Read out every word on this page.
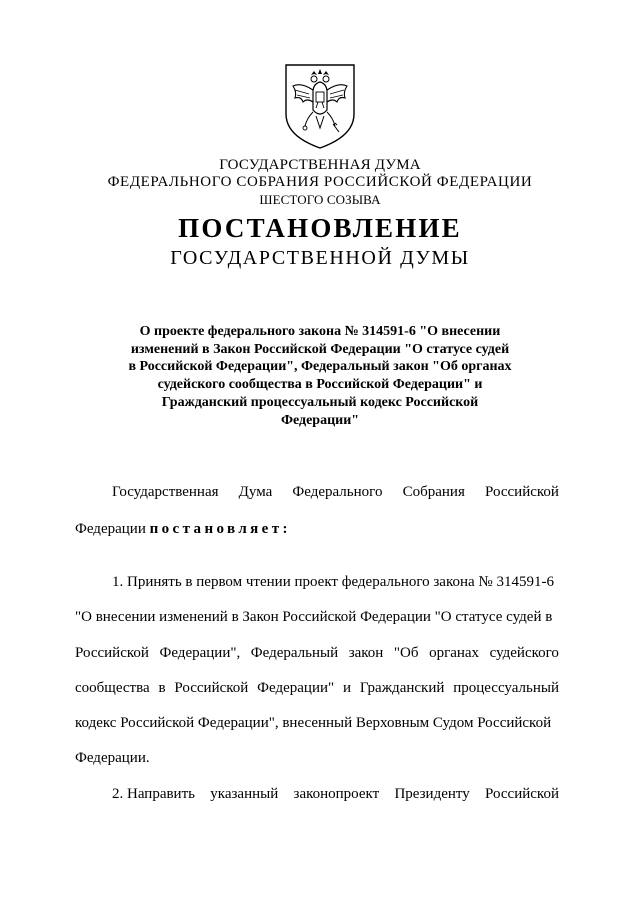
ГОСУДАРСТВЕННАЯ ДУМА
ФЕДЕРАЛЬНОГО СОБРАНИЯ РОССИЙСКОЙ ФЕДЕРАЦИИ
ШЕСТОГО СОЗЫВА
ПОСТАНОВЛЕНИЕ
ГОСУДАРСТВЕННОЙ ДУМЫ
О проекте федерального закона № 314591-6 "О внесении
изменений в Закон Российской Федерации "О статусе судей
в Российской Федерации", Федеральный закон "Об органах
судейского сообщества в Российской Федерации" и
Гражданский процессуальный кодекс Российской
Федерации"
Государственная Дума Федерального Собрания Российской
Федерации постановляет:
1. Принять в первом чтении проект федерального закона № 314591-6
"О внесении изменений в Закон Российской Федерации "О статусе судей в
Российской Федерации", Федеральный закон "Об органах судейского
сообщества в Российской Федерации" и Гражданский процессуальный
кодекс Российской Федерации", внесенный Верховным Судом Российской
Федерации.
2. Направить указанный законопроект Президенту Российской
